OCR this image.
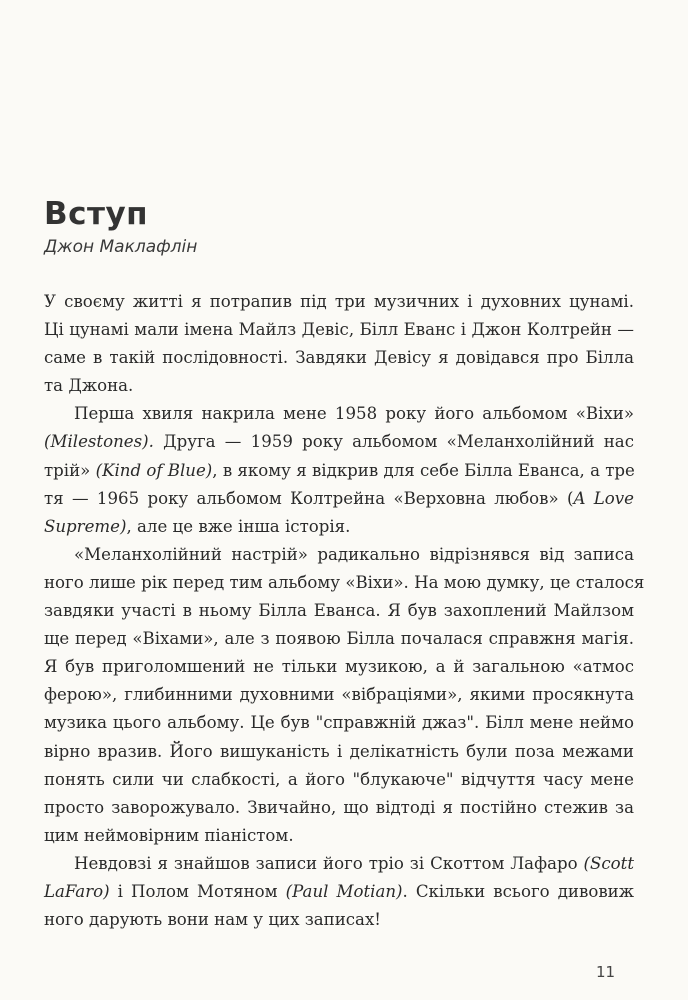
Вступ
Джон Маклафлін
У своєму житті я потрапив під три музичних і духовних цунамі.
Ці цунамі мали імена Майлз Девіс, Білл Еванс і Джон Колтрейн —
саме в такій послідовності. Завдяки Девісу я довідався про Білла
та Джона.
Перша хвиля накрила мене 1958 року його альбомом «Віхи»
(Milestones). Друга — 1959 року альбомом «Меланхолійний нас
трій» (Kind of Blue), в якому я відкрив для себе Білла Еванса, а тре
тя — 1965 року альбомом Колтрейна «Верховна любов» (A Love
Supreme), але це вже інша історія.
«Меланхолійний настрій» радикально відрізнявся від записа
ного лише рік перед тим альбому «Віхи». На мою думку, це сталося
завдяки участі в ньому Білла Еванса. Я був захоплений Майлзом
ще перед «Віхами», але з появою Білла почалася справжня магія.
Я був приголомшений не тільки музикою, а й загальною «атмос
ферою», глибинними духовними «вібраціями», якими просякнута
музика цього альбому. Це був "справжній джаз". Білл мене неймо
вірно вразив. Його вишуканість і делікатність були поза межами
понять сили чи слабкості, а його "блукаюче" відчуття часу мене
просто заворожувало. Звичайно, що відтоді я постійно стежив за
цим неймовірним піаністом.
Невдовзі я знайшов записи його тріо зі Скоттом Лафаро (Scott
LaFaro) і Полом Мотяном (Paul Motian). Скільки всього дивовиж
ного дарують вони нам у цих записах!
11
